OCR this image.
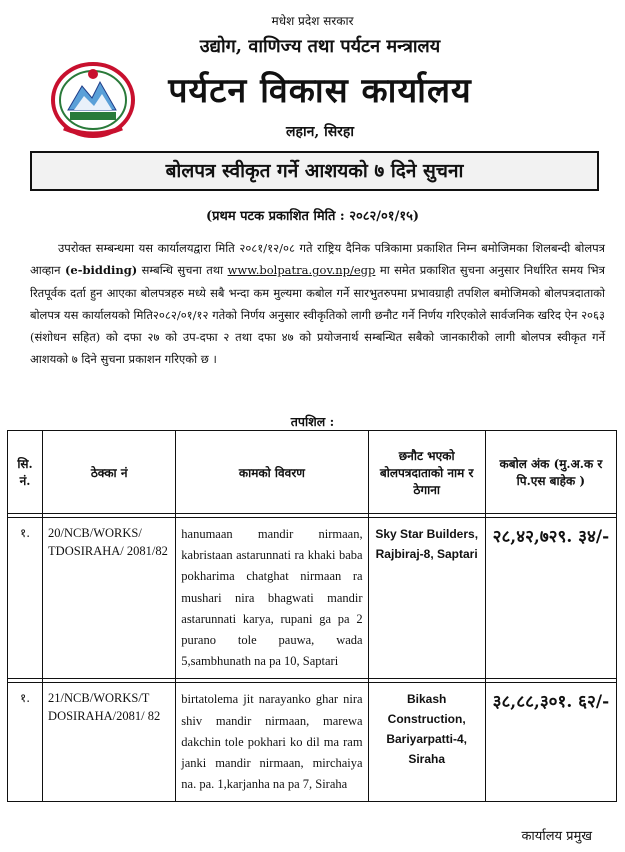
मधेश प्रदेश सरकार
उद्योग, वाणिज्य तथा पर्यटन मन्त्रालय
पर्यटन विकास कार्यालय
लहान, सिरहा
बोलपत्र स्वीकृत गर्ने आशयको ७ दिने सुचना
(प्रथम पटक प्रकाशित मिति : २०८२/०१/१५)
उपरोक्त सम्बन्धमा यस कार्यालयद्वारा मिति २०८१/१२/०८ गते राष्ट्रिय दैनिक पत्रिकामा प्रकाशित निम्न बमोजिमका शिलबन्दी बोलपत्र आव्हान (e-bidding) सम्बन्धि सुचना तथा www.bolpatra.gov.np/egp मा समेत प्रकाशित सुचना अनुसार निर्धारित समय भित्र रितपूर्वक दर्ता हुन आएका बोलपत्रहरु मध्ये सबै भन्दा कम मुल्यमा कबोल गर्ने सारभुतरुपमा प्रभावग्राही तपशिल बमोजिमको बोलपत्रदाताको बोलपत्र यस कार्यालयको मिति२०८२/०१/१२ गतेको निर्णय अनुसार स्वीकृतिको लागी छनौट गर्ने निर्णय गरिएकोले सार्वजनिक खरिद ऐन २०६३ (संशोधन सहित) को दफा २७ को उप-दफा २ तथा दफा ४७ को प्रयोजनार्थ सम्बन्धित सबैको जानकारीको लागी बोलपत्र स्वीकृत गर्ने आशयको ७ दिने सुचना प्रकाशन गरिएको छ ।
तपशिल :
सि. नं.	ठेक्का नं	कामको विवरण	छनौट भएको बोलपत्रदाताको नाम र ठेगाना	कबोल अंक (मु.अ.क र पि.एस बाहेक )

१.	20/NCB/WORKS/ TDOSIRAHA/ 2081/82	hanumaan mandir nirmaan, kabristaan astarunnati ra khaki baba pokharima chatghat nirmaan ra mushari nira bhagwati mandir astarunnati karya, rupani ga pa 2 purano tole pauwa, wada 5,sambhunath na pa 10, Saptari	Sky Star Builders, Rajbiraj-8, Saptari	२८,४२,७२९. ३४/-

१.	21/NCB/WORKS/T DOSIRAHA/2081/ 82	birtatolema jit narayanko ghar nira shiv mandir nirmaan, marewa dakchin tole pokhari ko dil ma ram janki mandir nirmaan, mirchaiya na. pa. 1,karjanha na pa 7, Siraha	Bikash Construction, Bariyarpatti-4, Siraha	३८,८८,३०१. ६२/-
कार्यालय प्रमुख
